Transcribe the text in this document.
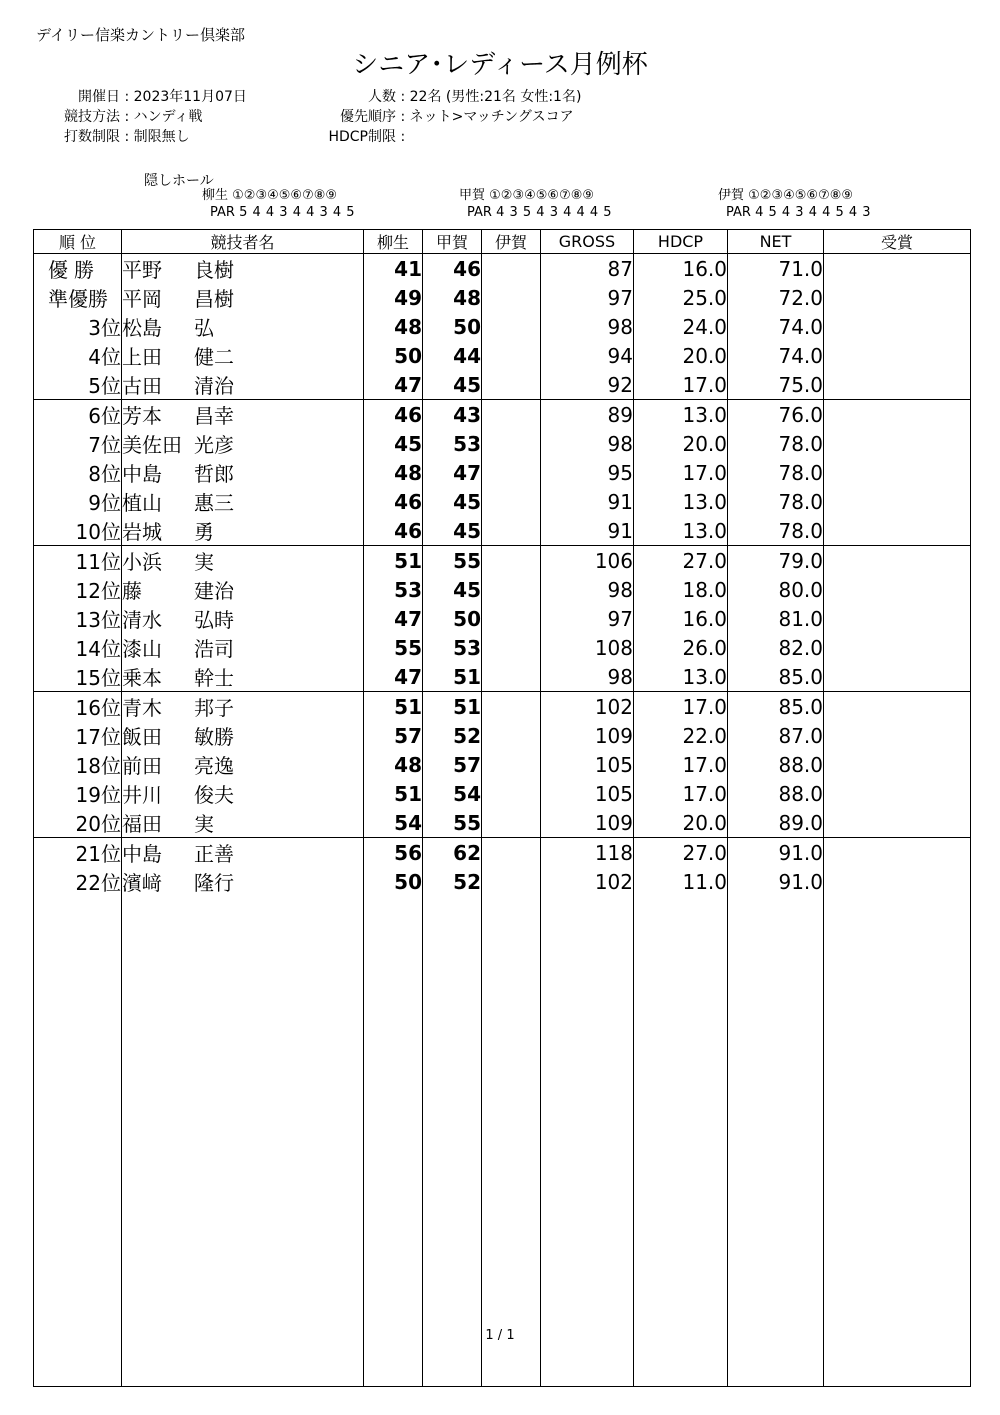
デイリー信楽カントリー倶楽部
シニア･レディース月例杯
開催日 : 2023年11月07日
競技方法 : ハンディ戦
打数制限 : 制限無し
人数 : 22名 (男性:21名 女性:1名)
優先順序 : ネット>マッチングスコア
HDCP制限 :
隠しホール
柳生 ①②③④⑤⑥⑦⑧⑨
PAR 5 4 4 3 4 4 3 4 5
甲賀 ①②③④⑤⑥⑦⑧⑨
PAR 4 3 5 4 3 4 4 4 5
伊賀 ①②③④⑤⑥⑦⑧⑨
PAR 4 5 4 3 4 4 5 4 3
順 位	競技者名	柳生	甲賀	伊賀	GROSS	HDCP	NET	受賞
優勝	平野 良樹	41	46		87	16.0	71.0	
準優勝	平岡 昌樹	49	48		97	25.0	72.0	
3位	松島 弘	48	50		98	24.0	74.0	
4位	上田 健二	50	44		94	20.0	74.0	
5位	古田 清治	47	45		92	17.0	75.0	
6位	芳本 昌幸	46	43		89	13.0	76.0	
7位	美佐田 光彦	45	53		98	20.0	78.0	
8位	中島 哲郎	48	47		95	17.0	78.0	
9位	植山 惠三	46	45		91	13.0	78.0	
10位	岩城 勇	46	45		91	13.0	78.0	
11位	小浜 実	51	55		106	27.0	79.0	
12位	藤 建治	53	45		98	18.0	80.0	
13位	清水 弘時	47	50		97	16.0	81.0	
14位	漆山 浩司	55	53		108	26.0	82.0	
15位	乗本 幹士	47	51		98	13.0	85.0	
16位	青木 邦子	51	51		102	17.0	85.0	
17位	飯田 敏勝	57	52		109	22.0	87.0	
18位	前田 亮逸	48	57		105	17.0	88.0	
19位	井川 俊夫	51	54		105	17.0	88.0	
20位	福田 実	54	55		109	20.0	89.0	
21位	中島 正善	56	62		118	27.0	91.0	
22位	濱﨑 隆行	50	52		102	11.0	91.0	

1 / 1
